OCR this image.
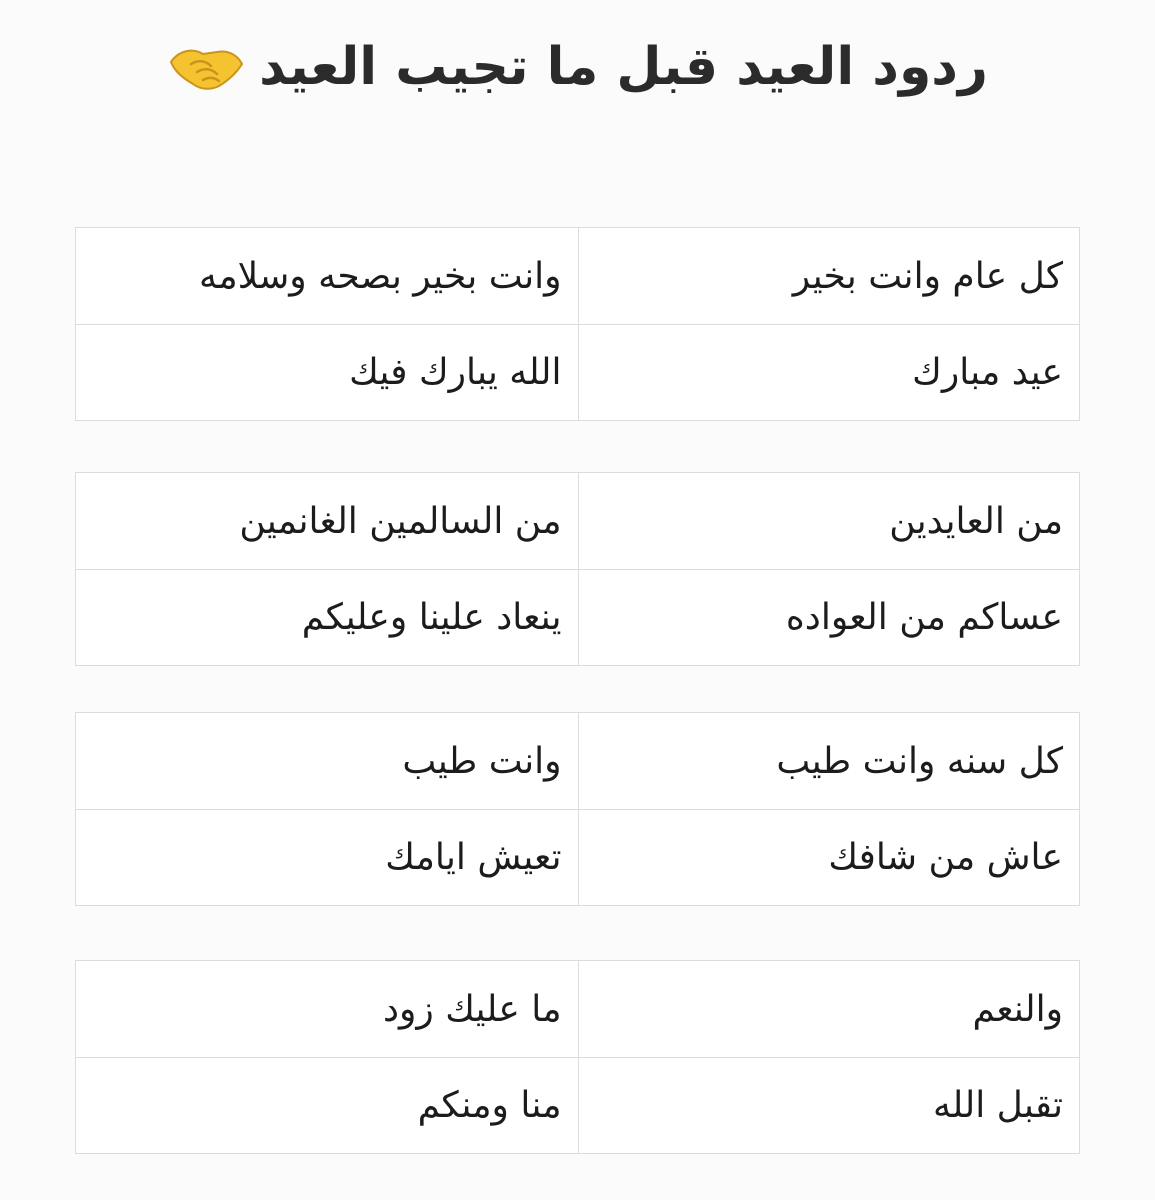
ردود العيد قبل ما تجيب العيد
كل عام وانت بخير
وانت بخير بصحه وسلامه
عيد مبارك
الله يبارك فيك
من العايدين
من السالمين الغانمين
عساكم من العواده
ينعاد علينا وعليكم
كل سنه وانت طيب
وانت طيب
عاش من شافك
تعيش ايامك
والنعم
ما عليك زود
تقبل الله
منا ومنكم
